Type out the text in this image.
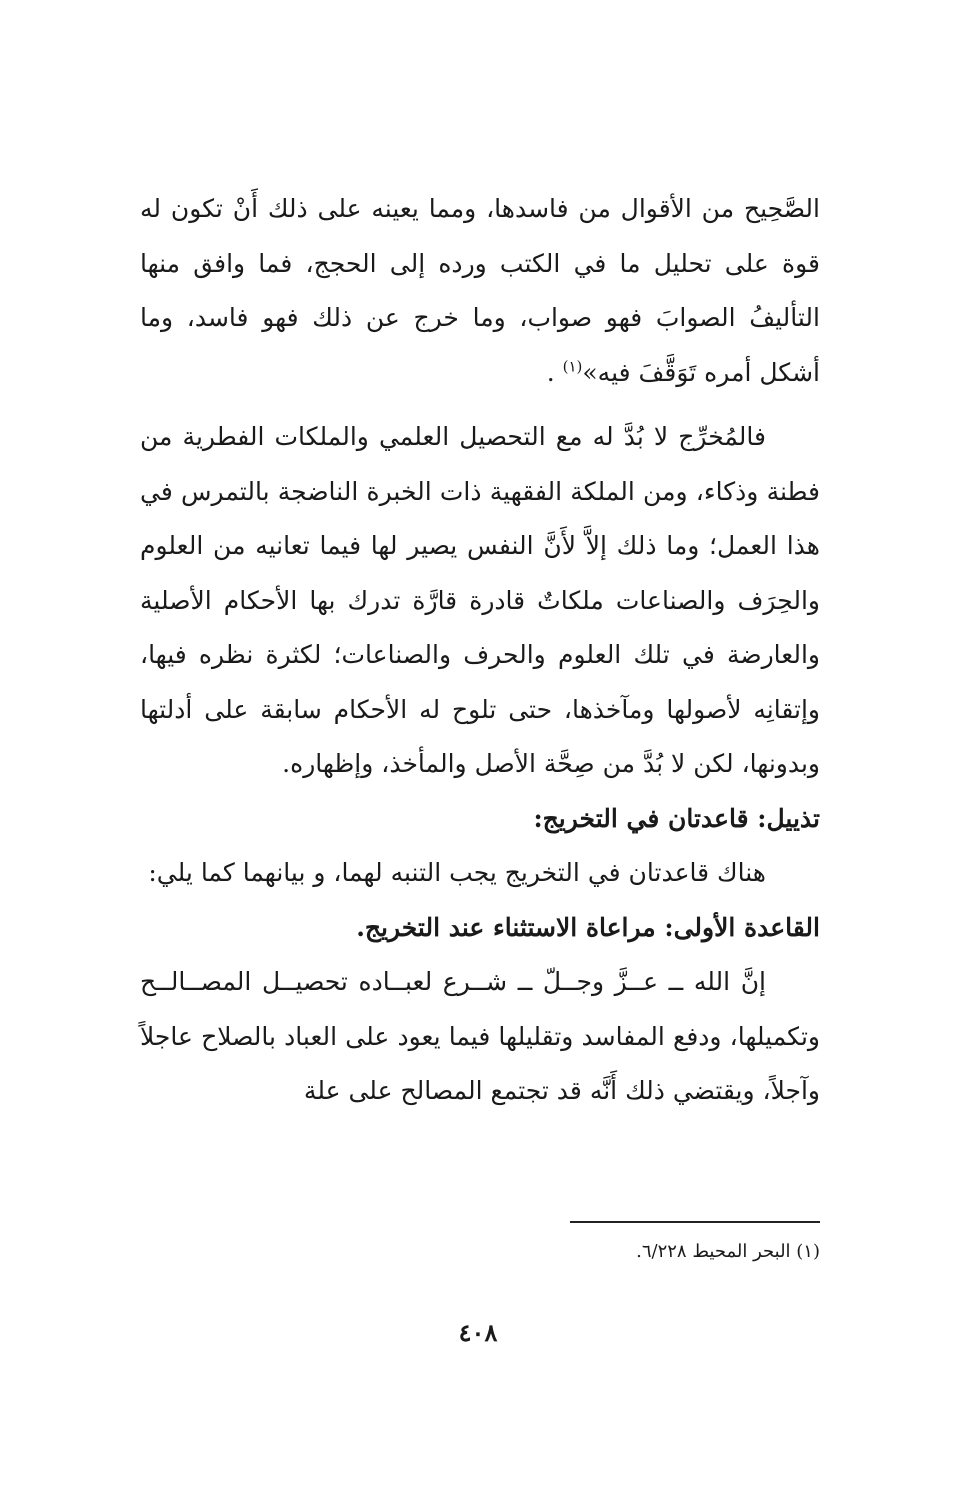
الصَّحِيح من الأقوال من فاسدها، ومما يعينه على ذلك أَنْ تكون له قوة على تحليل ما في الكتب ورده إلى الحجج، فما وافق منها التأليفُ الصوابَ فهو صواب، وما خرج عن ذلك فهو فاسد، وما أشكل أمره تَوَقَّفَ فيه»$^{(١)}$ .

فالمُخرِّج لا بُدَّ له مع التحصيل العلمي والملكات الفطرية من فطنة وذكاء، ومن الملكة الفقهية ذات الخبرة الناضجة بالتمرس في هذا العمل؛ وما ذلك إلاَّ لأَنَّ النفس يصير لها فيما تعانيه من العلوم والحِرَف والصناعات ملكاتٌ قادرة قارَّة تدرك بها الأحكام الأصلية والعارضة في تلك العلوم والحرف والصناعات؛ لكثرة نظره فيها، وإتقانِه لأصولها ومآخذها، حتى تلوح له الأحكام سابقة على أدلتها وبدونها، لكن لا بُدَّ من صِحَّة الأصل والمأخذ، وإظهاره.

تذييل: قاعدتان في التخريج:

هناك قاعدتان في التخريج يجب التنبه لهما، و بيانهما كما يلي:

القاعدة الأولى: مراعاة الاستثناء عند التخريج.

إنَّ الله ــ عــزَّ وجــلّ ــ شــرع لعبــاده تحصيــل المصــالــح وتكميلها، ودفع المفاسد وتقليلها فيما يعود على العباد بالصلاح عاجلاً وآجلاً، ويقتضي ذلك أَنَّه قد تجتمع المصالح على علة

(١) البحر المحيط ٦/٢٢٨.

٤٠٨
